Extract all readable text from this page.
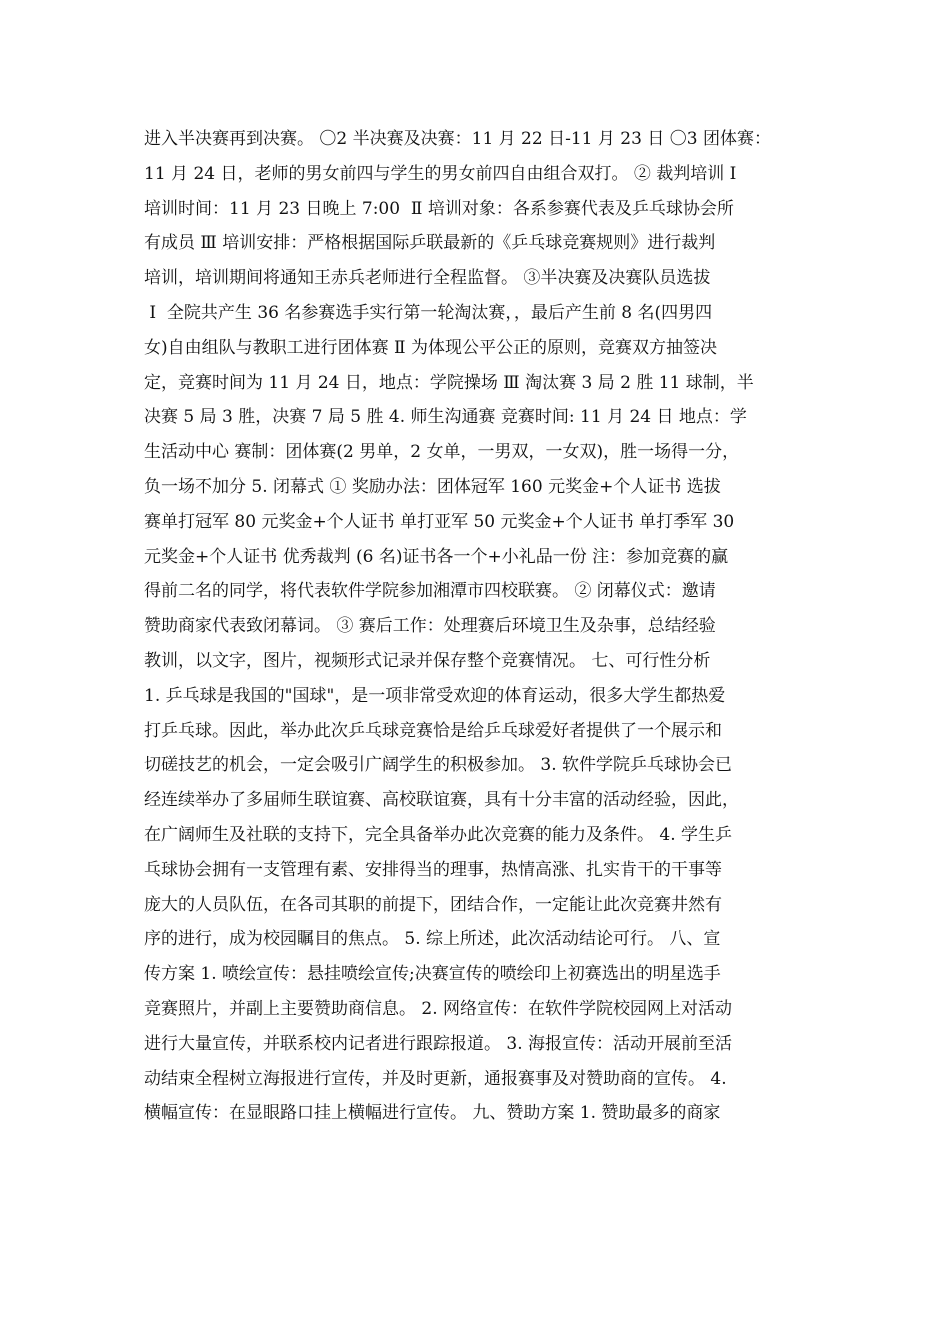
进入半决赛再到决赛。 〇2 半决赛及决赛：11 月 22 日-11 月 23 日 〇3 团体赛：
11 月 24 日，老师的男女前四与学生的男女前四自由组合双打。 ② 裁判培训 I
培训时间：11 月 23 日晚上 7:00  Ⅱ 培训对象：各系参赛代表及乒乓球协会所
有成员 Ⅲ 培训安排：严格根据国际乒联最新的《乒乓球竞赛规则》进行裁判
培训，培训期间将通知王赤兵老师进行全程监督。 ③半决赛及决赛队员选拔
Ⅰ  全院共产生 36 名参赛选手实行第一轮淘汰赛，，最后产生前 8 名(四男四
女)自由组队与教职工进行团体赛 Ⅱ 为体现公平公正的原则，竞赛双方抽签决
定，竞赛时间为 11 月 24 日，地点：学院操场 Ⅲ 淘汰赛 3 局 2 胜 11 球制，半
决赛 5 局 3 胜，决赛 7 局 5 胜 4. 师生沟通赛 竞赛时间: 11 月 24 日 地点：学
生活动中心 赛制：团体赛(2 男单，2 女单，一男双，一女双)，胜一场得一分，
负一场不加分 5. 闭幕式 ① 奖励办法：团体冠军 160 元奖金+个人证书 选拔
赛单打冠军 80 元奖金+个人证书 单打亚军 50 元奖金+个人证书 单打季军 30
元奖金+个人证书 优秀裁判 (6 名)证书各一个+小礼品一份 注：参加竞赛的赢
得前二名的同学，将代表软件学院参加湘潭市四校联赛。 ② 闭幕仪式：邀请
赞助商家代表致闭幕词。 ③ 赛后工作：处理赛后环境卫生及杂事，总结经验
教训，以文字，图片，视频形式记录并保存整个竞赛情况。 七、可行性分析
1. 乒乓球是我国的"国球"，是一项非常受欢迎的体育运动，很多大学生都热爱
打乒乓球。因此，举办此次乒乓球竞赛恰是给乒乓球爱好者提供了一个展示和
切磋技艺的机会，一定会吸引广阔学生的积极参加。 3. 软件学院乒乓球协会已
经连续举办了多届师生联谊赛、高校联谊赛，具有十分丰富的活动经验，因此，
在广阔师生及社联的支持下，完全具备举办此次竞赛的能力及条件。 4. 学生乒
乓球协会拥有一支管理有素、安排得当的理事，热情高涨、扎实肯干的干事等
庞大的人员队伍，在各司其职的前提下，团结合作，一定能让此次竞赛井然有
序的进行，成为校园瞩目的焦点。 5. 综上所述，此次活动结论可行。 八、宣
传方案 1. 喷绘宣传：悬挂喷绘宣传;决赛宣传的喷绘印上初赛选出的明星选手
竞赛照片，并副上主要赞助商信息。 2. 网络宣传：在软件学院校园网上对活动
进行大量宣传，并联系校内记者进行跟踪报道。 3. 海报宣传：活动开展前至活
动结束全程树立海报进行宣传，并及时更新，通报赛事及对赞助商的宣传。 4.
横幅宣传：在显眼路口挂上横幅进行宣传。 九、赞助方案 1. 赞助最多的商家
